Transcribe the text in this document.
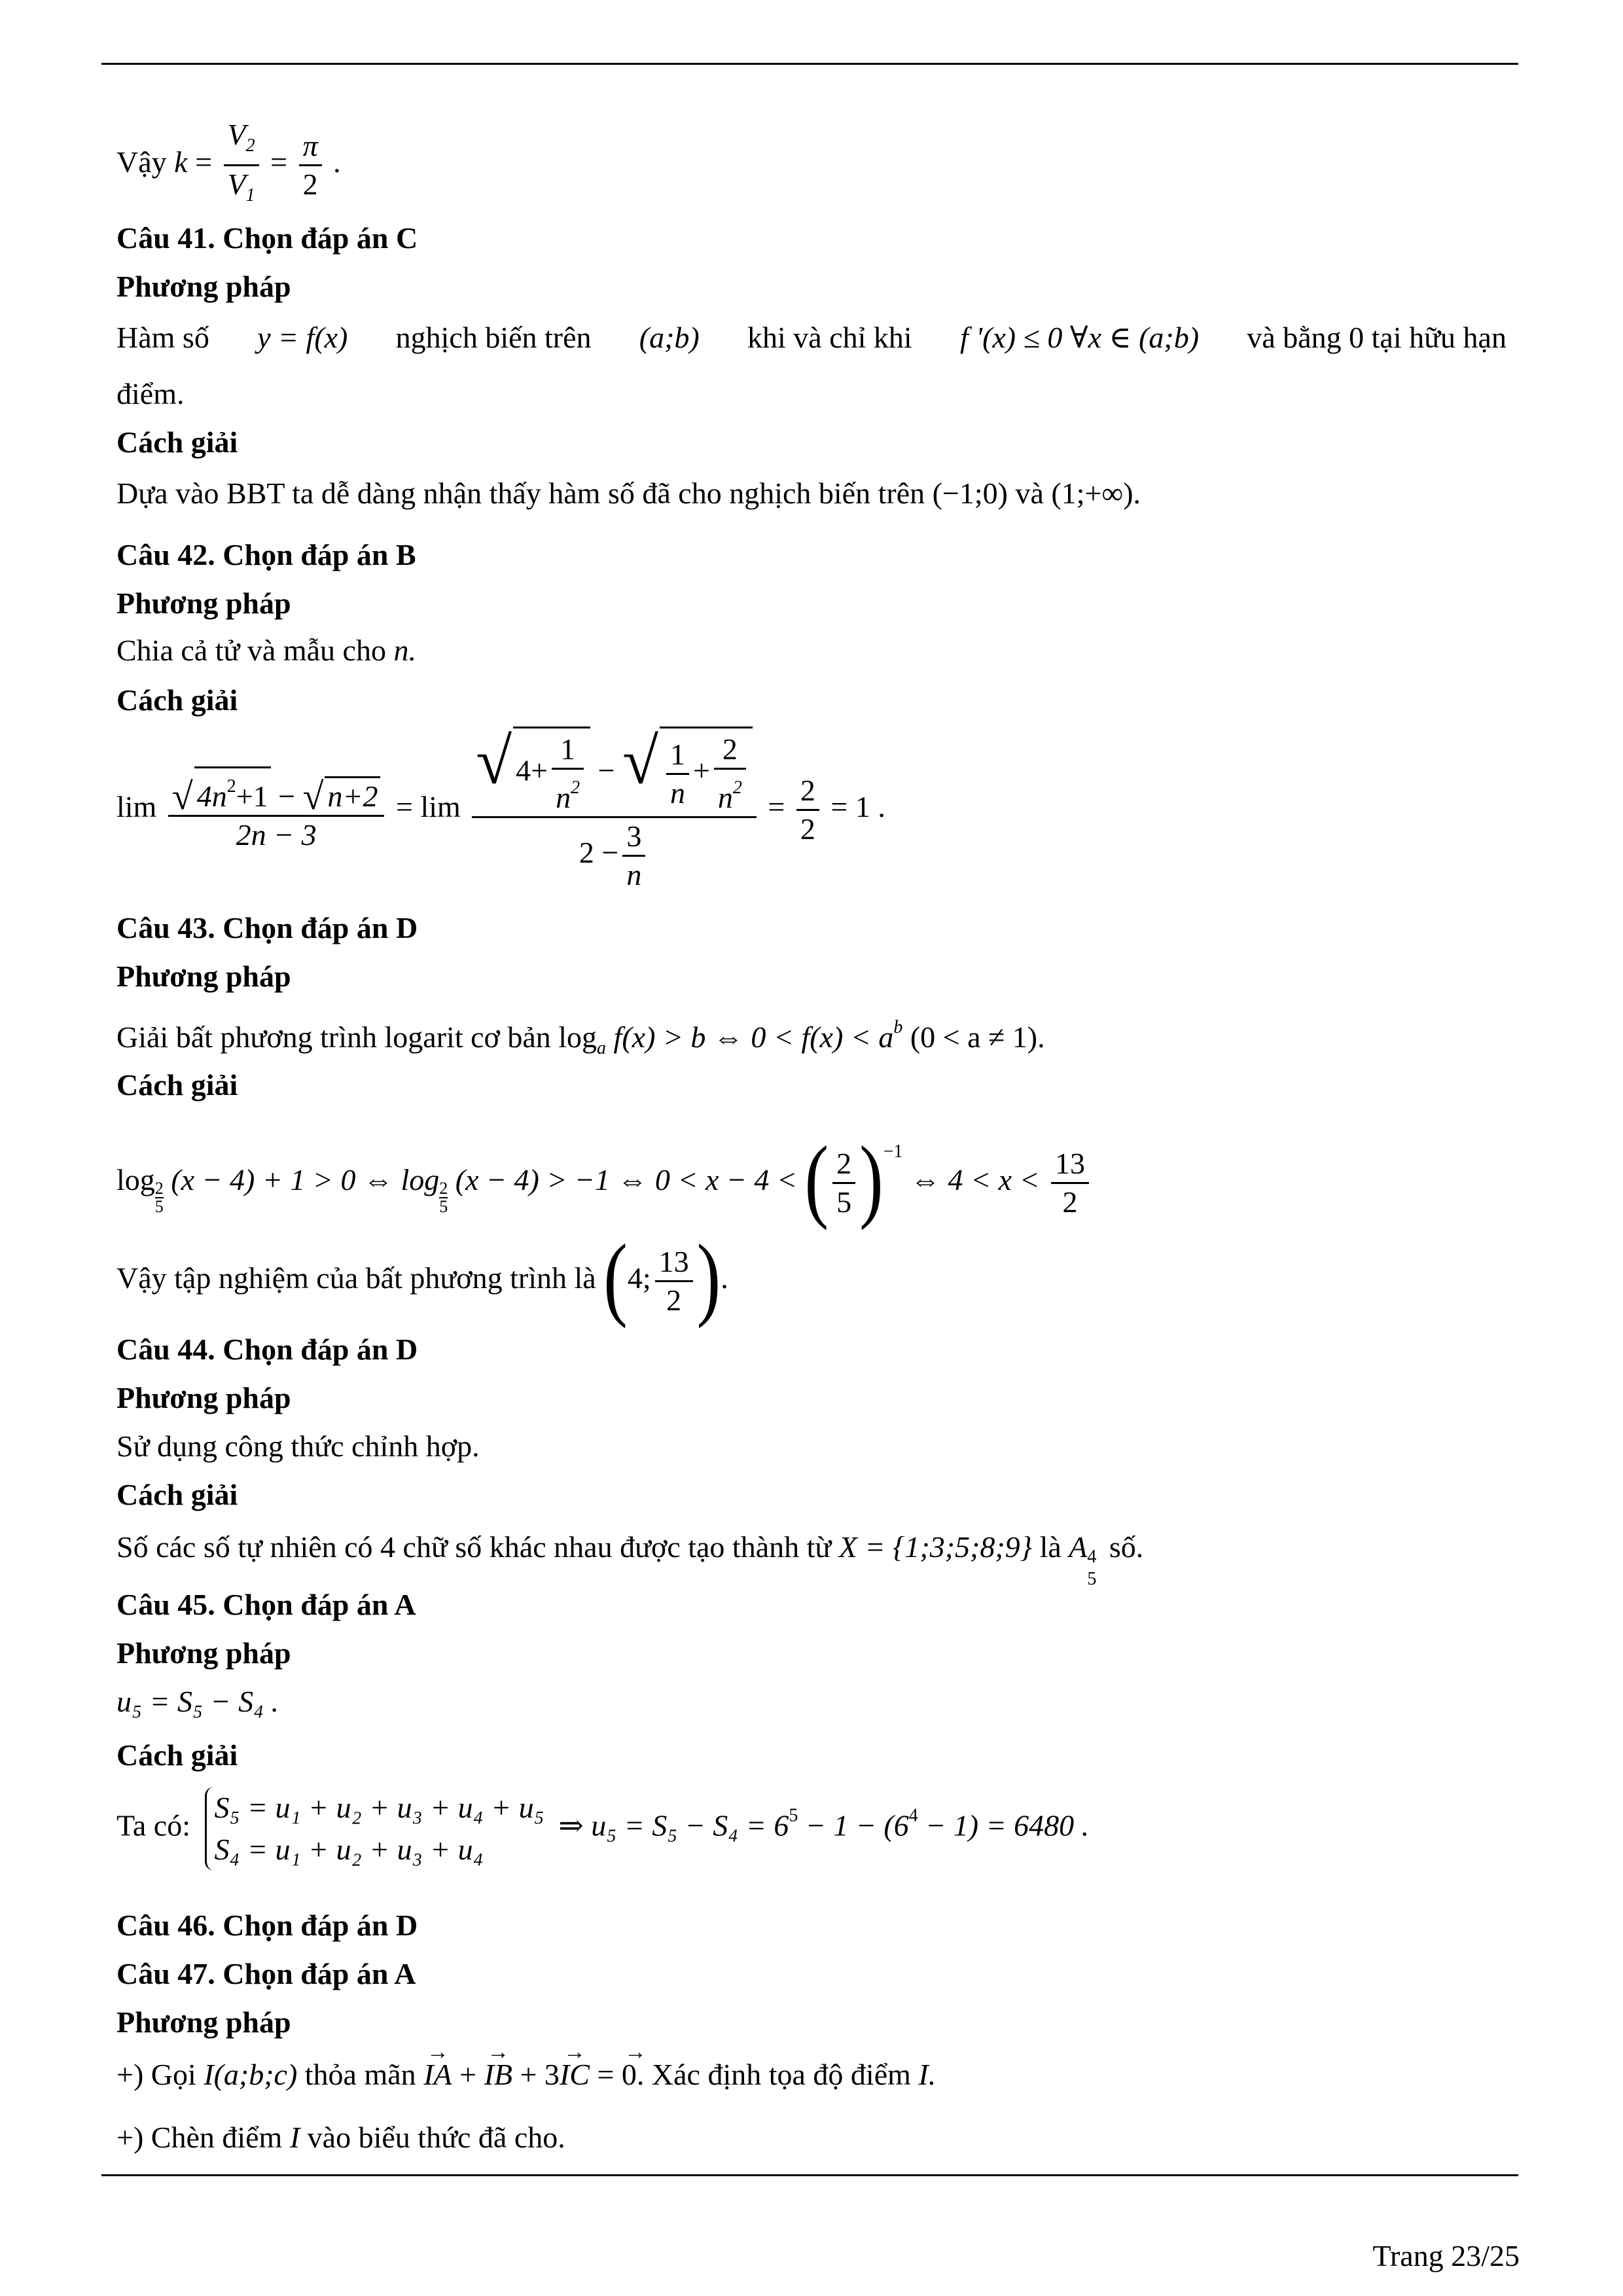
Vậy $k = \frac{V_2}{V_1} = \frac{\pi}{2}$ .
Câu 41. Chọn đáp án C
Phương pháp
Hàm số y = f(x) nghịch biến trên (a;b) khi và chỉ khi f '(x) ≤ 0 ∀x ∈ (a;b) và bằng 0 tại hữu hạn
điểm.
Cách giải
Dựa vào BBT ta dễ dàng nhận thấy hàm số đã cho nghịch biến trên (−1;0) và (1;+∞).
Câu 42. Chọn đáp án B
Phương pháp
Chia cả tử và mẫu cho n.
Cách giải
$\lim \frac{√ 4n^2+1 - √ n+2}{2n - 3} = \lim \frac{√ 4+ \frac{1}{n^2} - √ \frac{1}{n} + \frac{2}{n^2}}{2 - \frac{3}{n}} = \frac{2}{2} = 1$ .
Câu 43. Chọn đáp án D
Phương pháp
Giải bất phương trình logarit cơ bản $\log_a f(x) > b$ ⇔ $0 < f(x) < a^b$ (0 < a ≠ 1).
Cách giải
log
$\frac{2}{5}$
(x − 4) + 1 > 0 ⇔ log
$\frac{2}{5}$
(x − 4) > −1 ⇔ 0 < x − 4 < ( $\frac{2}{5} )^{-1}$ ⇔ $4 < x < \frac{13}{2}$
Vậy tập nghiệm của bất phương trình là (4; $\frac{13}{2}$ ).
Câu 44. Chọn đáp án D
Phương pháp
Sử dụng công thức chỉnh hợp.
Cách giải
Số các số tự nhiên có 4 chữ số khác nhau được tạo thành từ X = {1;3;5;8;9} là A 4
5
số.
Câu 45. Chọn đáp án A
Phương pháp
u₅ = S₅ − S₄ .
Cách giải
Ta có:
S₅ = u₁ + u₂ + u₃ + u₄ + u₅
S₄ = u₁ + u₂ + u₃ + u₄
⇒ $u_5 = S_5 - S_4 = 6^5 - 1 - (6^4 - 1) = 6480$ .
Câu 46. Chọn đáp án D
Câu 47. Chọn đáp án A
Phương pháp
+) Gọi I(a;b;c) thỏa mãn → IA + → IB + 3→ IC = → 0. Xác định tọa độ điểm I.
+) Chèn điểm I vào biểu thức đã cho.
Trang 23/25
